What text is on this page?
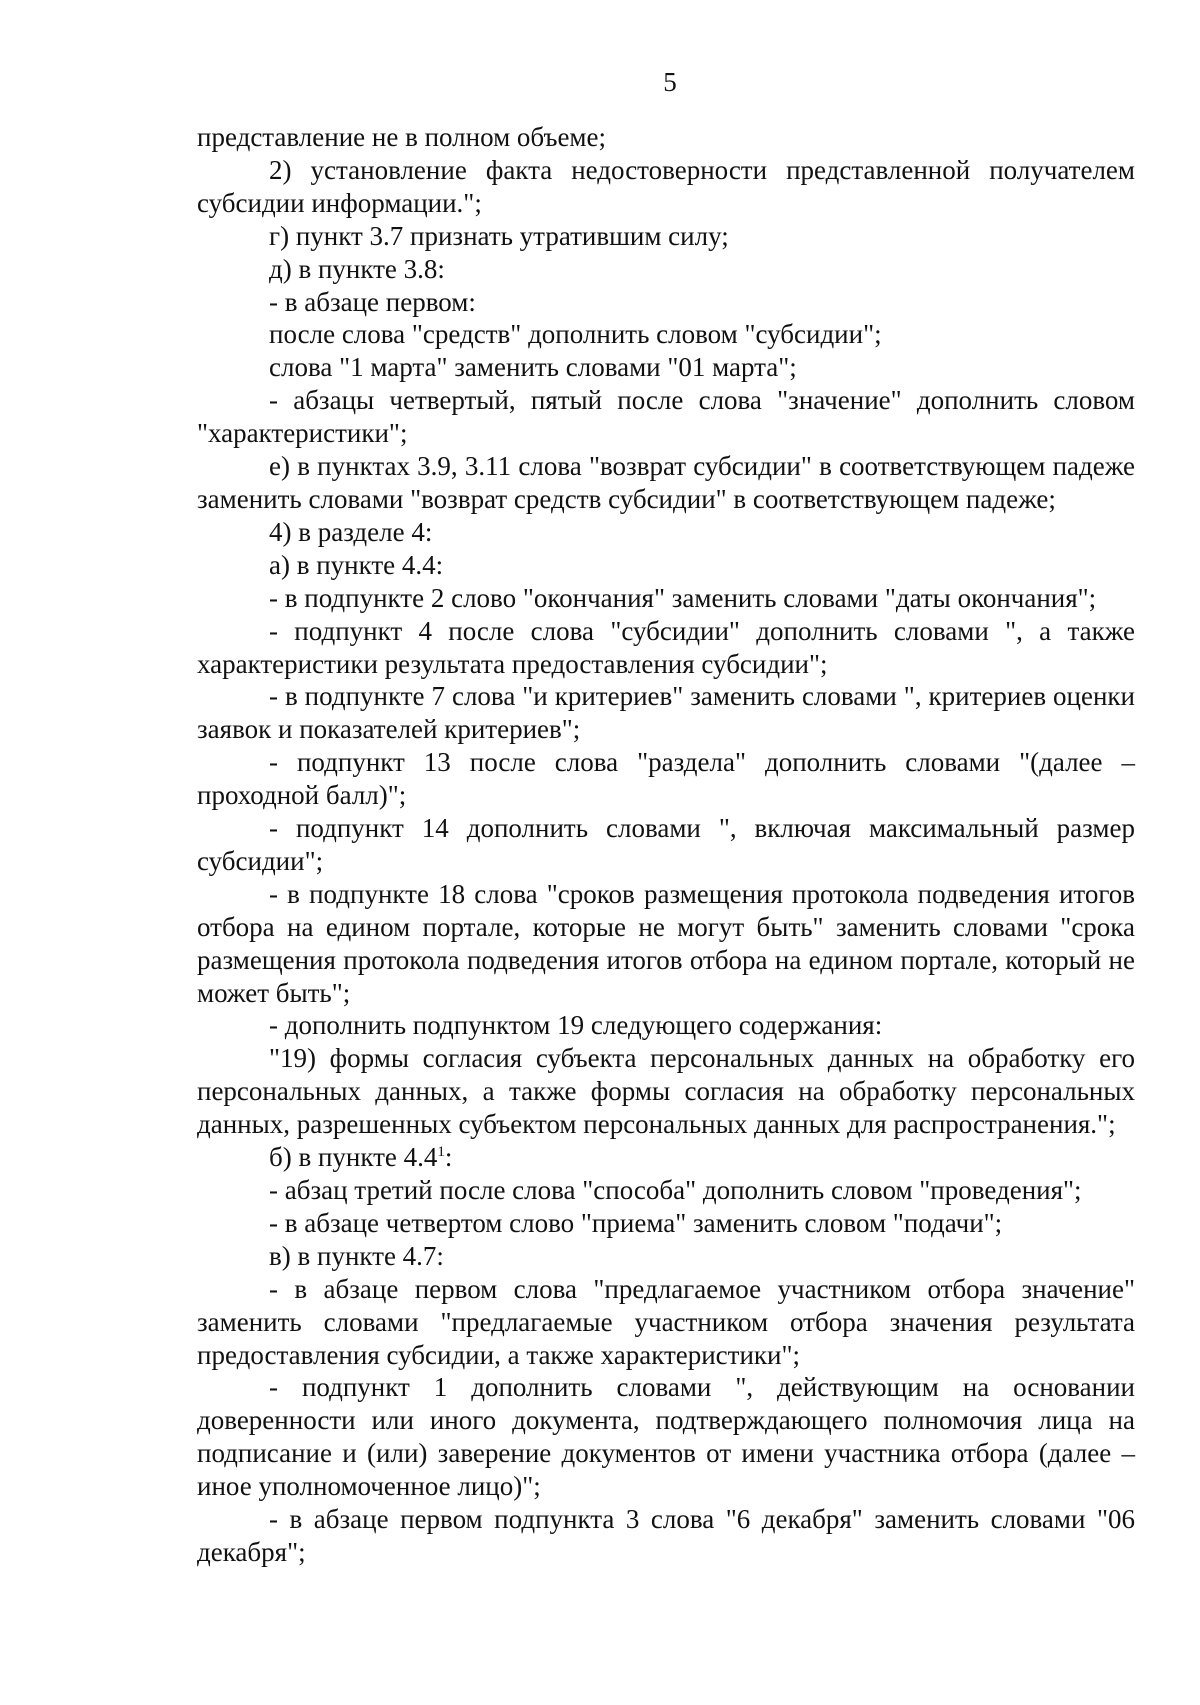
5

представление не в полном объеме;

2) установление факта недостоверности представленной получателем субсидии информации.";

г) пункт 3.7 признать утратившим силу;

д) в пункте 3.8:

- в абзаце первом:

после слова "средств" дополнить словом "субсидии";

слова "1 марта" заменить словами "01 марта";

- абзацы четвертый, пятый после слова "значение" дополнить словом "характеристики";

е) в пунктах 3.9, 3.11 слова "возврат субсидии" в соответствующем падеже заменить словами "возврат средств субсидии" в соответствующем падеже;

4) в разделе 4:

а) в пункте 4.4:

- в подпункте 2 слово "окончания" заменить словами "даты окончания";

- подпункт 4 после слова "субсидии" дополнить словами ", а также характеристики результата предоставления субсидии";

- в подпункте 7 слова "и критериев" заменить словами ", критериев оценки заявок и показателей критериев";

- подпункт 13 после слова "раздела" дополнить словами "(далее – проходной балл)";

- подпункт 14 дополнить словами ", включая максимальный размер субсидии";

- в подпункте 18 слова "сроков размещения протокола подведения итогов отбора на едином портале, которые не могут быть" заменить словами "срока размещения протокола подведения итогов отбора на едином портале, который не может быть";

- дополнить подпунктом 19 следующего содержания:

"19) формы согласия субъекта персональных данных на обработку его персональных данных, а также формы согласия на обработку персональных данных, разрешенных субъектом персональных данных для распространения.";

б) в пункте $4.4^1$:

- абзац третий после слова "способа" дополнить словом "проведения";

- в абзаце четвертом слово "приема" заменить словом "подачи";

в) в пункте 4.7:

- в абзаце первом слова "предлагаемое участником отбора значение" заменить словами "предлагаемые участником отбора значения результата предоставления субсидии, а также характеристики";

- подпункт 1 дополнить словами ", действующим на основании доверенности или иного документа, подтверждающего полномочия лица на подписание и (или) заверение документов от имени участника отбора (далее – иное уполномоченное лицо)";

- в абзаце первом подпункта 3 слова "6 декабря" заменить словами "06 декабря";
